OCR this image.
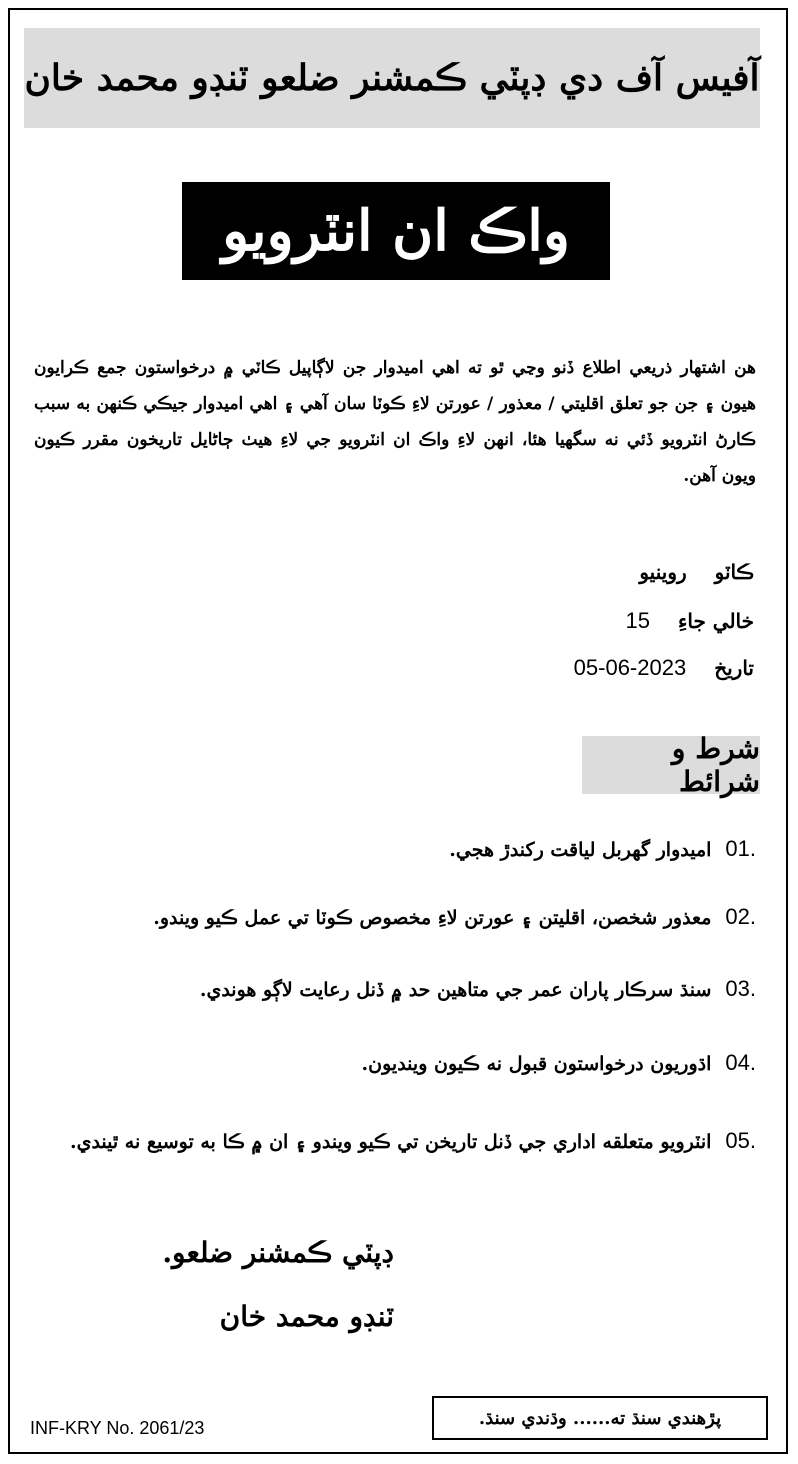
آفيس آف دي ڊپٽي ڪمشنر ضلعو ٽنڊو محمد خان
واڪ ان انٽرويو
هن اشتهار ذريعي اطلاع ڏنو وڃي ٿو ته اهي اميدوار جن لاڳاپيل ڪاٽي ۾ درخواستون جمع ڪرايون هيون ۽ جن جو تعلق اقليتي / معذور / عورتن لاءِ ڪوٽا سان آهي ۽ اهي اميدوار جيڪي ڪنهن به سبب ڪارڻ انٽرويو ڏئي نه سگهيا هئا، انهن لاءِ واڪ ان انٽرويو جي لاءِ هيٺ ڄاڻايل تاريخون مقرر ڪيون ويون آهن.
ڪاٽو
روينيو
خالي جاءِ
15
تاريخ
05-06-2023
شرط و شرائط
01.
اميدوار گهربل لياقت رکندڙ هجي.
02.
معذور شخصن، اقليتن ۽ عورتن لاءِ مخصوص ڪوٽا تي عمل ڪيو ويندو.
03.
سنڌ سرڪار پاران عمر جي متاهين حد ۾ ڏنل رعايت لاڳو هوندي.
04.
اڌوريون درخواستون قبول نه ڪيون وينديون.
05.
انٽرويو متعلقه اداري جي ڏنل تاريخن تي ڪيو ويندو ۽ ان ۾ ڪا به توسيع نه ٿيندي.
ڊپٽي ڪمشنر ضلعو.
ٽنڊو محمد خان
INF-KRY No. 2061/23	پڙهندي سنڌ ته...... وڌندي سنڌ.
